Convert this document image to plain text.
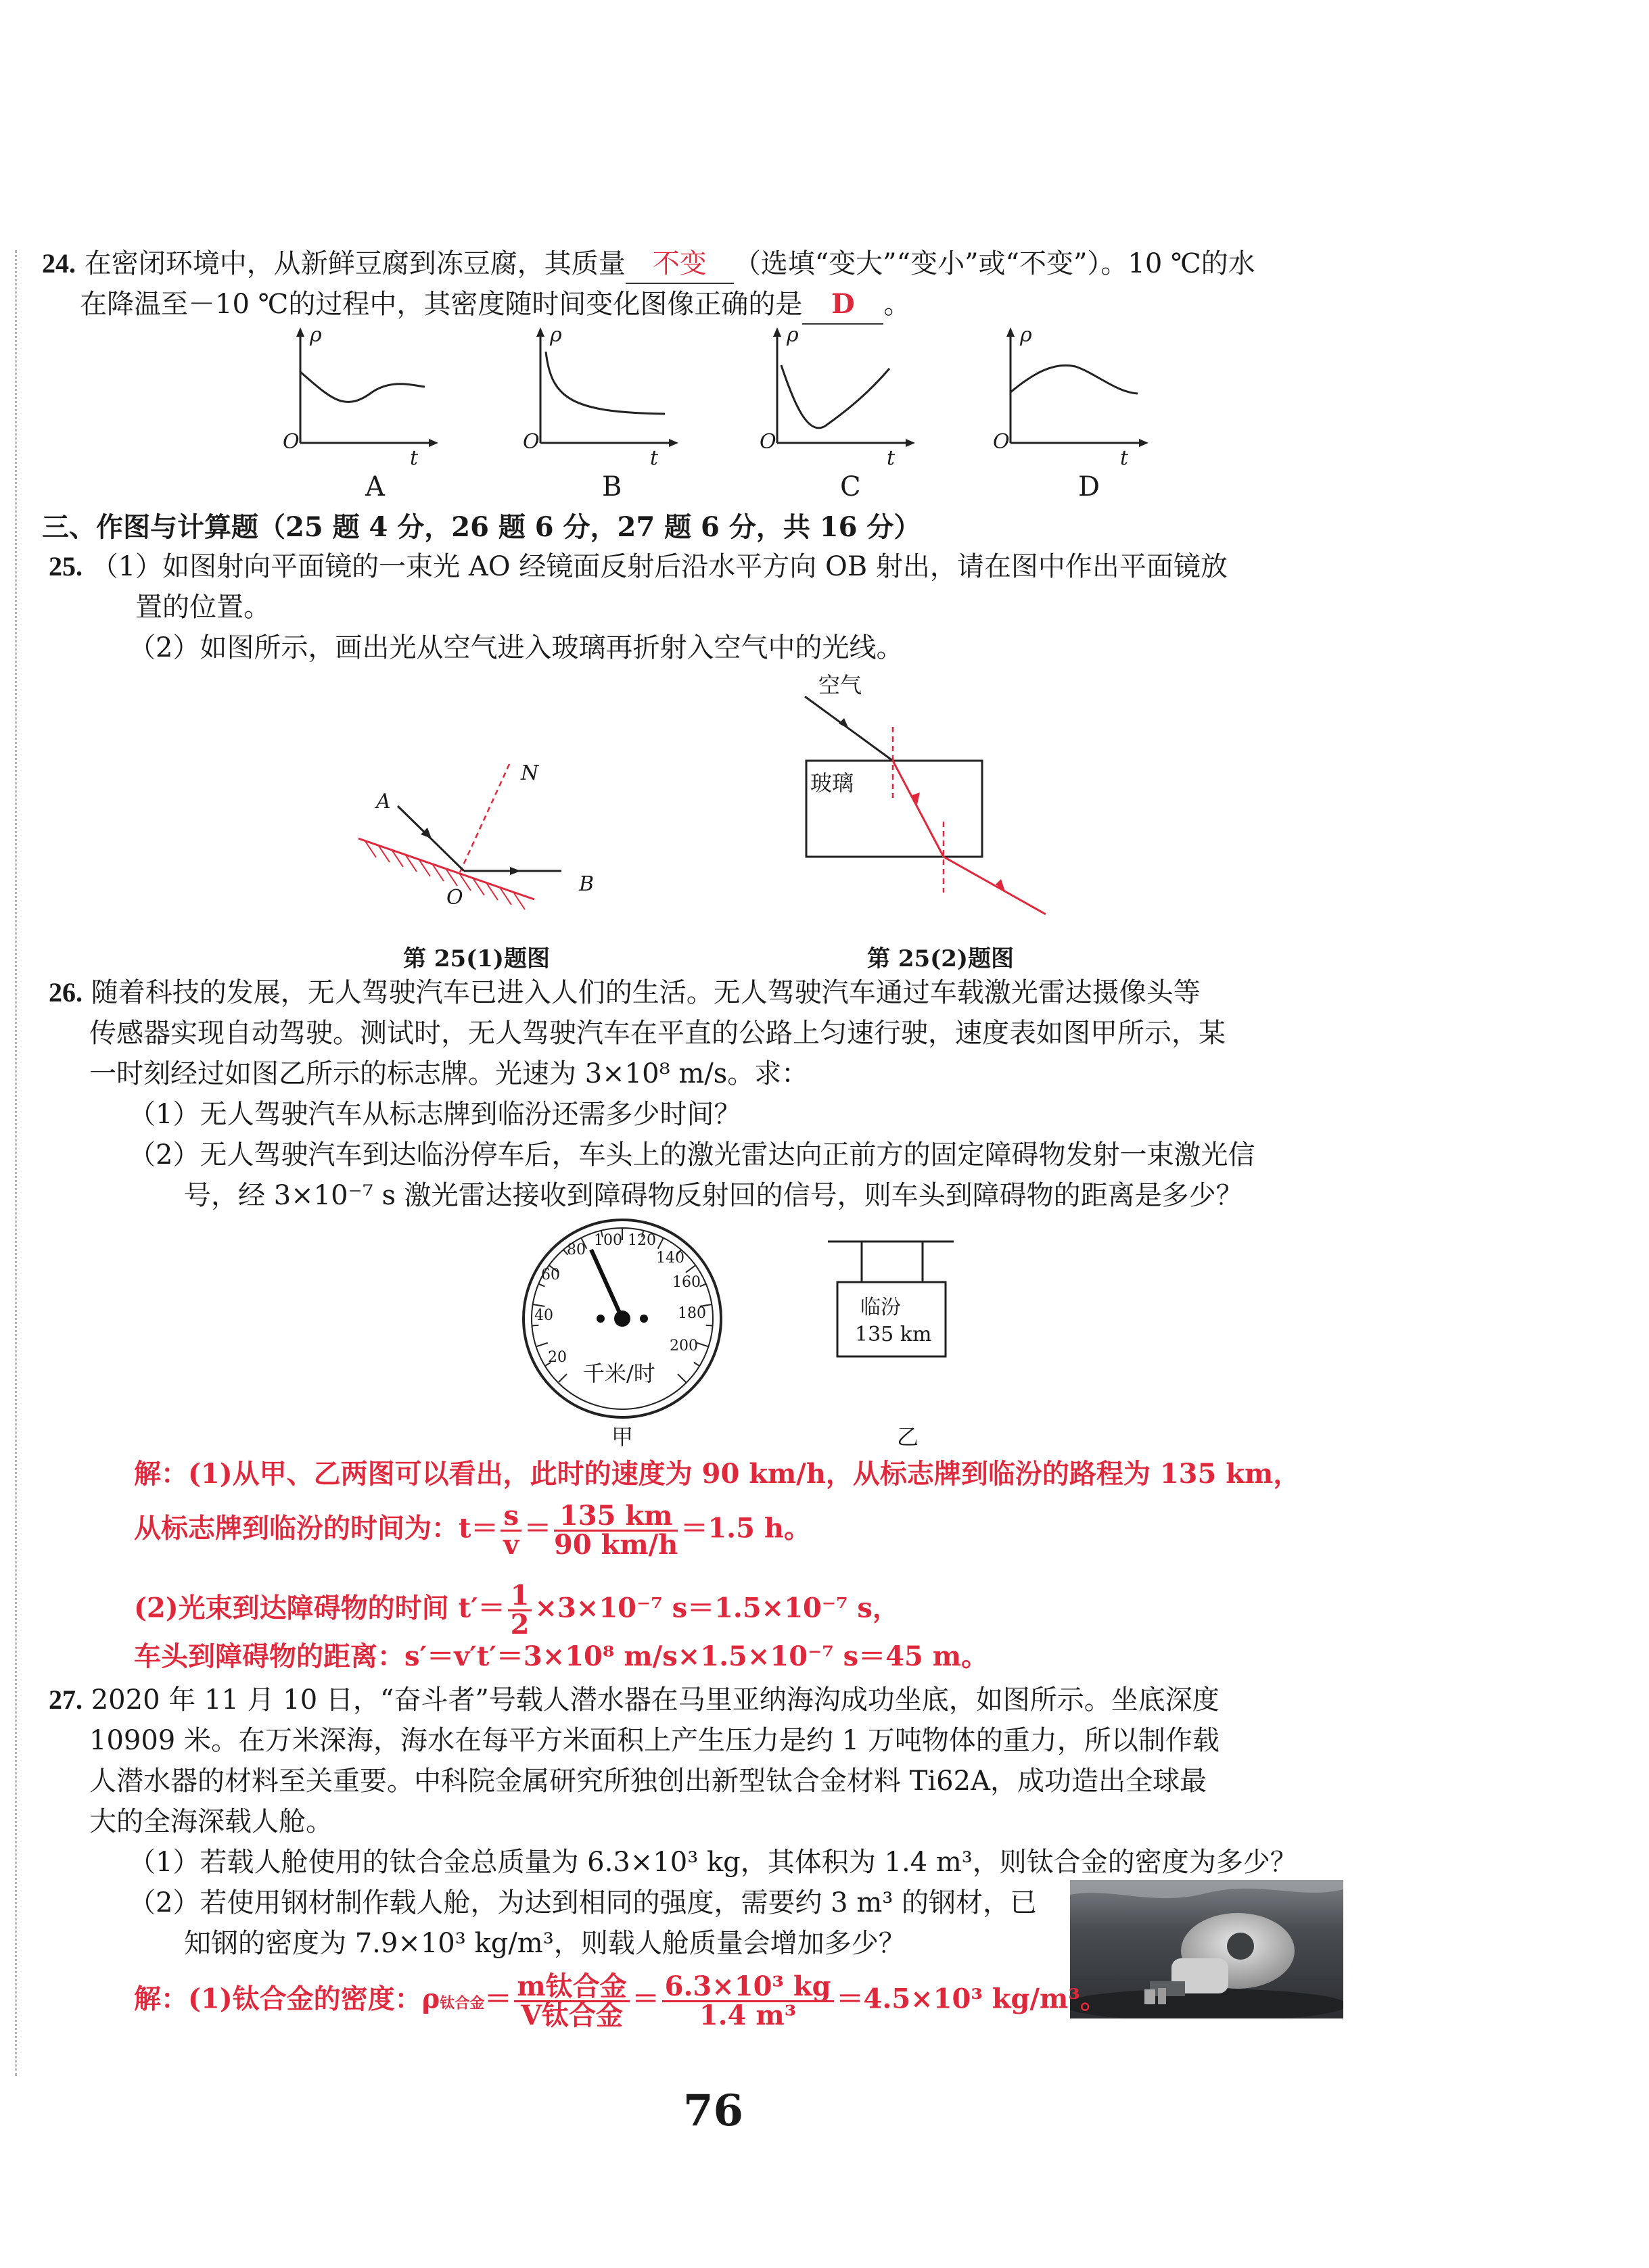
24. 在密闭环境中，从新鲜豆腐到冻豆腐，其质量 不变 （选填“变大”“变小”或“不变”）。10 ℃的水
在降温至－10 ℃的过程中，其密度随时间变化图像正确的是 D 。
ρ	ρ	ρ	ρ
O	O	O	O
t	t	t	t
A	B	C	D
三、作图与计算题（25 题 4 分，26 题 6 分，27 题 6 分，共 16 分）
25. （1）如图射向平面镜的一束光 AO 经镜面反射后沿水平方向 OB 射出，请在图中作出平面镜放
置的位置。
（2）如图所示，画出光从空气进入玻璃再折射入空气中的光线。
A
N
O
B
第 25(1)题图
空气
玻璃
第 25(2)题图
26. 随着科技的发展，无人驾驶汽车已进入人们的生活。无人驾驶汽车通过车载激光雷达摄像头等
传感器实现自动驾驶。测试时，无人驾驶汽车在平直的公路上匀速行驶，速度表如图甲所示，某
一时刻经过如图乙所示的标志牌。光速为 3×10⁸ m/s。求：
（1）无人驾驶汽车从标志牌到临汾还需多少时间？
（2）无人驾驶汽车到达临汾停车后，车头上的激光雷达向正前方的固定障碍物发射一束激光信
号，经 3×10⁻⁷ s 激光雷达接收到障碍物反射回的信号，则车头到障碍物的距离是多少？
20
40
60
80
100 120
140
160
180
200
千米/时
甲
临汾
135 km
乙
解：(1)从甲、乙两图可以看出，此时的速度为 90 km/h，从标志牌到临汾的路程为 135 km，
从标志牌到临汾的时间为：$t= \frac{s}{v} = \frac{135 km}{90 km/h} =1.5$ h。
(2)光束到达障碍物的时间 $t'= \frac{1}{2} \times 3\times 10^{-7}$ s＝1.5×10⁻⁷ s，
车头到障碍物的距离：s′＝v′t′＝3×10⁸ m/s×1.5×10⁻⁷ s＝45 m。
27. 2020 年 11 月 10 日，“奋斗者”号载人潜水器在马里亚纳海沟成功坐底，如图所示。坐底深度
10909 米。在万米深海，海水在每平方米面积上产生压力是约 1 万吨物体的重力，所以制作载
人潜水器的材料至关重要。中科院金属研究所独创出新型钛合金材料 Ti62A，成功造出全球最
大的全海深载人舱。
（1）若载人舱使用的钛合金总质量为 6.3×10³ kg，其体积为 1.4 m³，则钛合金的密度为多少？
（2）若使用钢材制作载人舱，为达到相同的强度，需要约 3 m³ 的钢材，已
知钢的密度为 7.9×10³ kg/m³，则载人舱质量会增加多少？
解：(1)钛合金的密度：ρ钛合金＝ $\frac{\text{m钛合金}}{\text{V钛合金}} = \frac{\text{6.3×10³ kg}}{\text{1.4 m³}} =4.5\times 10^3$ kg/m³。
76
